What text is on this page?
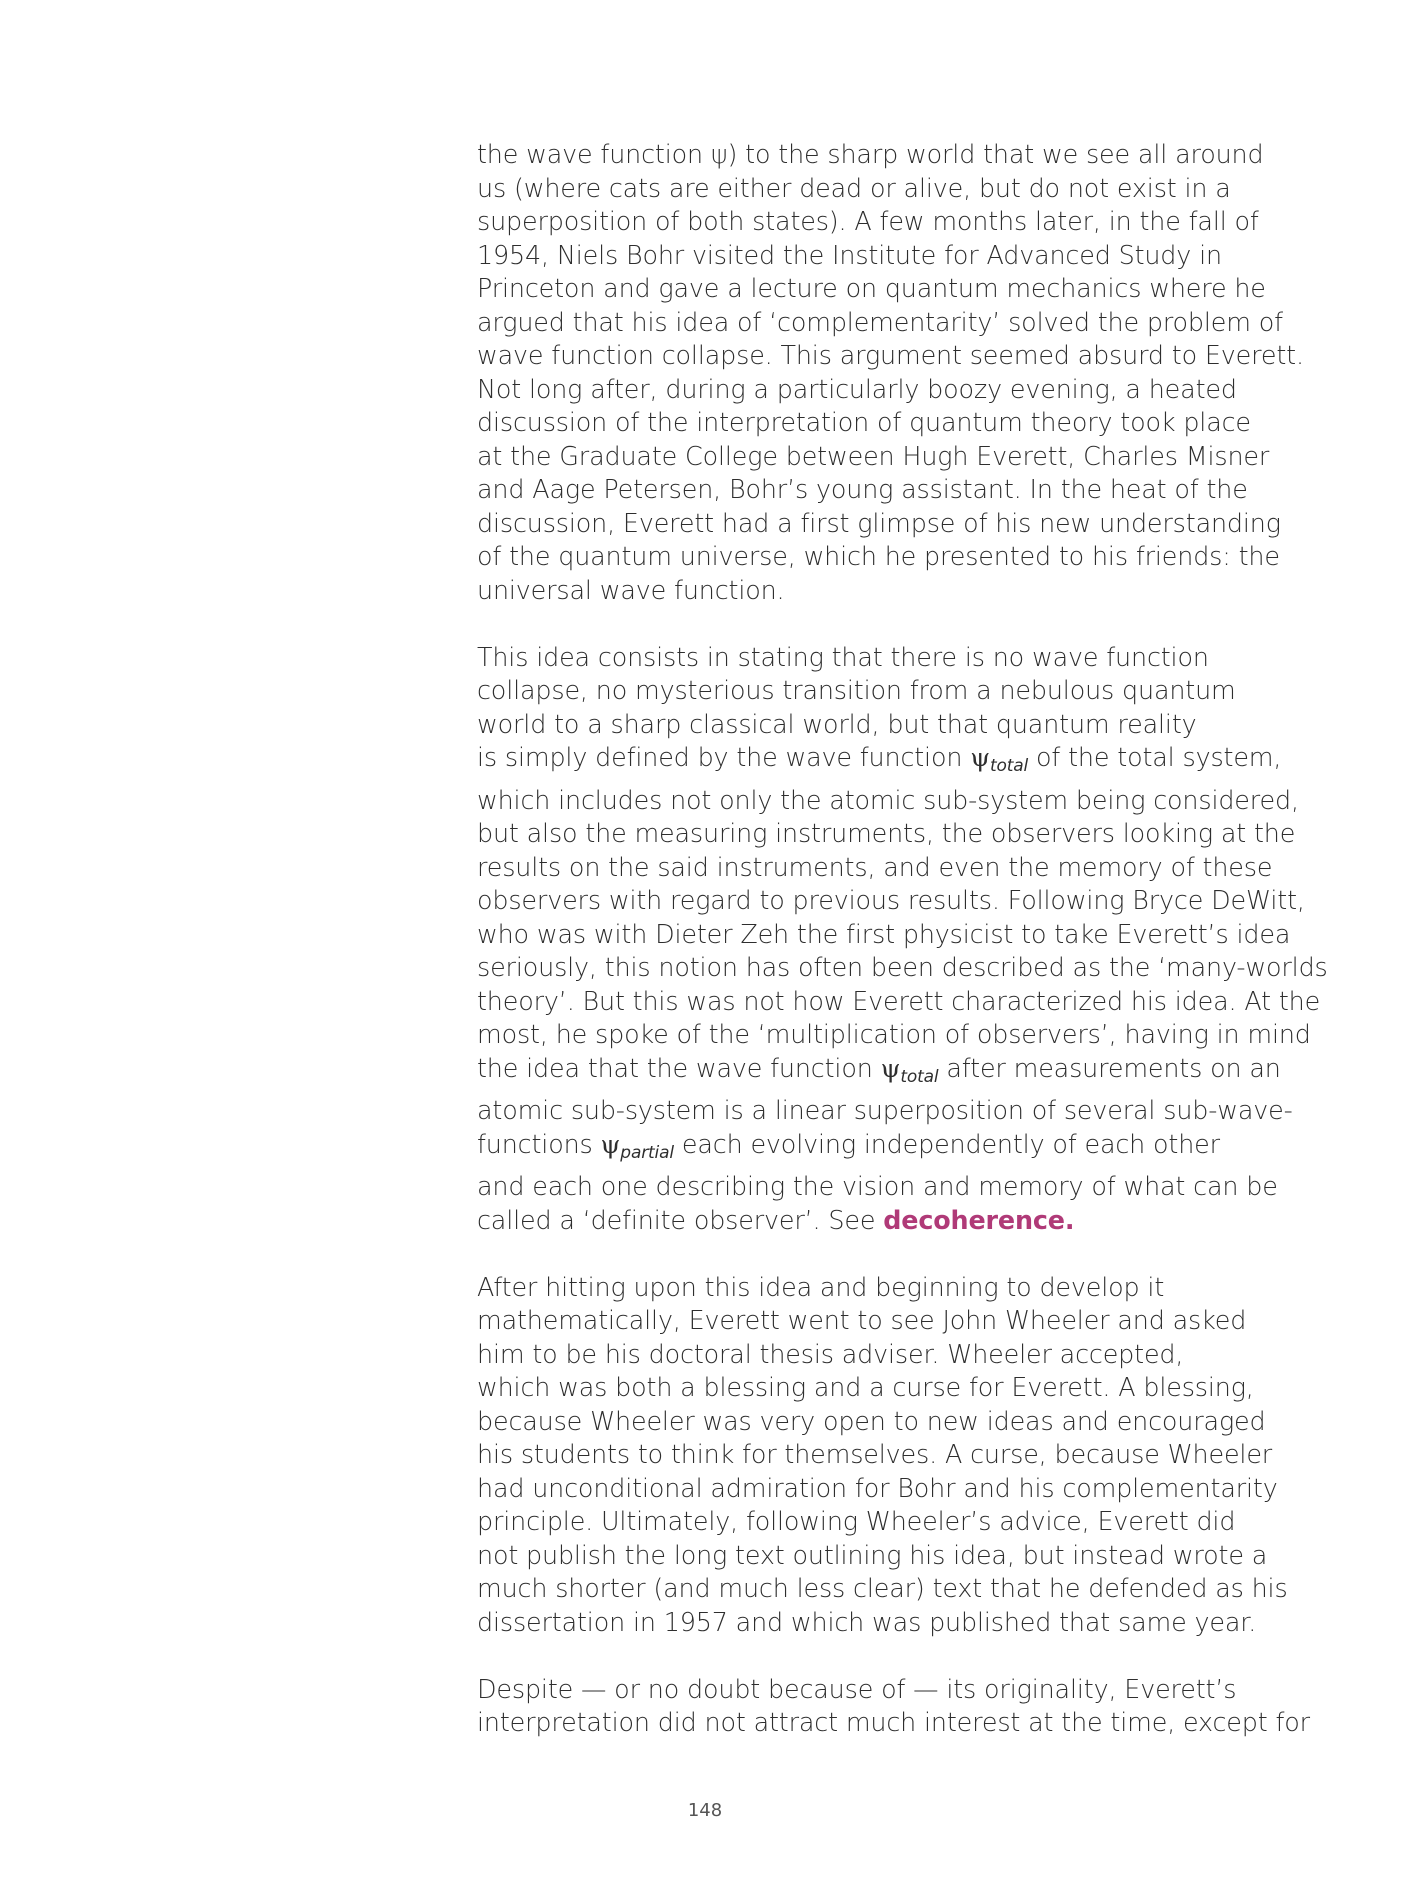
the wave function ψ) to the sharp world that we see all around
us (where cats are either dead or alive, but do not exist in a
superposition of both states). A few months later, in the fall of
1954, Niels Bohr visited the Institute for Advanced Study in
Princeton and gave a lecture on quantum mechanics where he
argued that his idea of ‘complementarity’ solved the problem of
wave function collapse. This argument seemed absurd to Everett.
Not long after, during a particularly boozy evening, a heated
discussion of the interpretation of quantum theory took place
at the Graduate College between Hugh Everett, Charles Misner
and Aage Petersen, Bohr’s young assistant. In the heat of the
discussion, Everett had a first glimpse of his new understanding
of the quantum universe, which he presented to his friends: the
universal wave function.

This idea consists in stating that there is no wave function
collapse, no mysterious transition from a nebulous quantum
world to a sharp classical world, but that quantum reality
is simply defined by the wave function $\psi_{total}$ of the total system,
which includes not only the atomic sub-system being considered,
but also the measuring instruments, the observers looking at the
results on the said instruments, and even the memory of these
observers with regard to previous results. Following Bryce DeWitt,
who was with Dieter Zeh the first physicist to take Everett’s idea
seriously, this notion has often been described as the ‘many-worlds
theory’. But this was not how Everett characterized his idea. At the
most, he spoke of the ‘multiplication of observers’, having in mind
the idea that the wave function $\psi_{total}$ after measurements on an
atomic sub-system is a linear superposition of several sub-wave-
functions $\psi_{partial}$ each evolving independently of each other
and each one describing the vision and memory of what can be
called a ‘definite observer’. See decoherence.

After hitting upon this idea and beginning to develop it
mathematically, Everett went to see John Wheeler and asked
him to be his doctoral thesis adviser. Wheeler accepted,
which was both a blessing and a curse for Everett. A blessing,
because Wheeler was very open to new ideas and encouraged
his students to think for themselves. A curse, because Wheeler
had unconditional admiration for Bohr and his complementarity
principle. Ultimately, following Wheeler’s advice, Everett did
not publish the long text outlining his idea, but instead wrote a
much shorter (and much less clear) text that he defended as his
dissertation in 1957 and which was published that same year.

Despite — or no doubt because of — its originality, Everett’s
interpretation did not attract much interest at the time, except for

148
